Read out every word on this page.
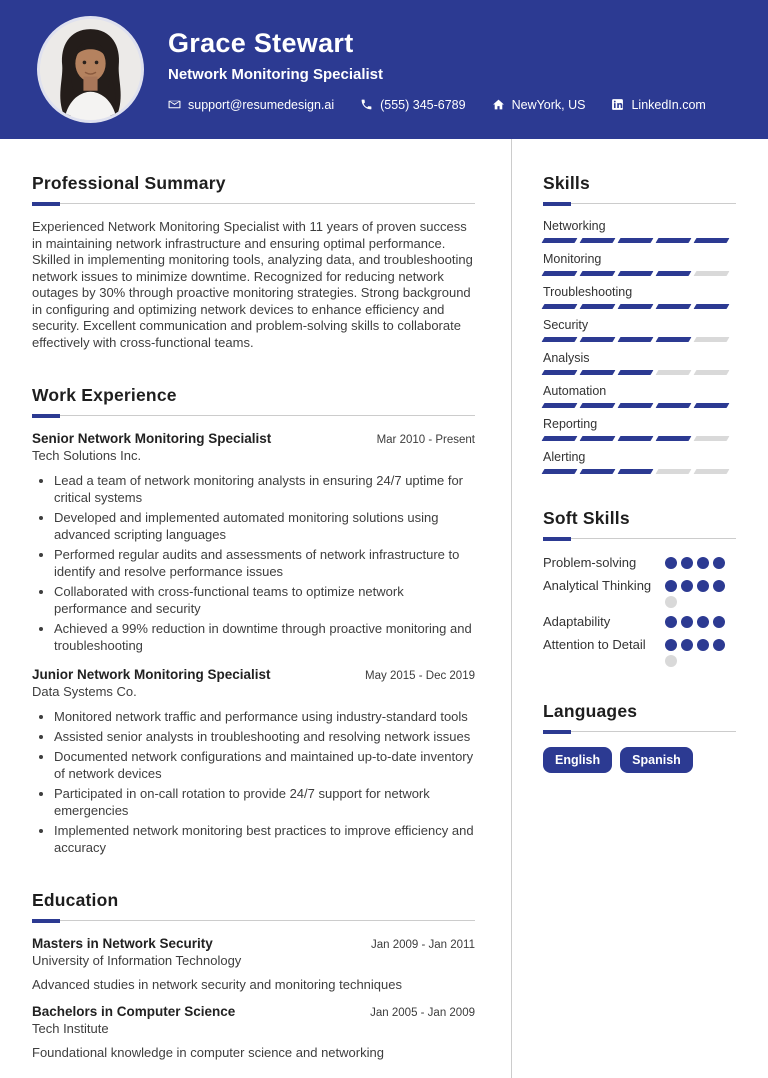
Grace Stewart
Network Monitoring Specialist
support@resumedesign.ai	(555) 345-6789	NewYork, US	LinkedIn.com
Professional Summary

Experienced Network Monitoring Specialist with 11 years of proven success in maintaining network infrastructure and ensuring optimal performance. Skilled in implementing monitoring tools, analyzing data, and troubleshooting network issues to minimize downtime. Recognized for reducing network outages by 30% through proactive monitoring strategies. Strong background in configuring and optimizing network devices to enhance efficiency and security. Excellent communication and problem-solving skills to collaborate effectively with cross-functional teams.

Work Experience
Senior Network Monitoring Specialist	Mar 2010 - Present
Tech Solutions Inc.
• Lead a team of network monitoring analysts in ensuring 24/7 uptime for critical systems
• Developed and implemented automated monitoring solutions using advanced scripting languages
• Performed regular audits and assessments of network infrastructure to identify and resolve performance issues
• Collaborated with cross-functional teams to optimize network performance and security
• Achieved a 99% reduction in downtime through proactive monitoring and troubleshooting
Junior Network Monitoring Specialist	May 2015 - Dec 2019
Data Systems Co.
• Monitored network traffic and performance using industry-standard tools
• Assisted senior analysts in troubleshooting and resolving network issues
• Documented network configurations and maintained up-to-date inventory of network devices
• Participated in on-call rotation to provide 24/7 support for network emergencies
• Implemented network monitoring best practices to improve efficiency and accuracy
Education
Masters in Network Security	Jan 2009 - Jan 2011
University of Information Technology
Advanced studies in network security and monitoring techniques
Bachelors in Computer Science	Jan 2005 - Jan 2009
Tech Institute
Foundational knowledge in computer science and networking
Skills
Networking
Monitoring
Troubleshooting
Security
Analysis
Automation
Reporting
Alerting
Soft Skills
Problem-solving
Analytical Thinking
Adaptability
Attention to Detail
Languages
English	Spanish
